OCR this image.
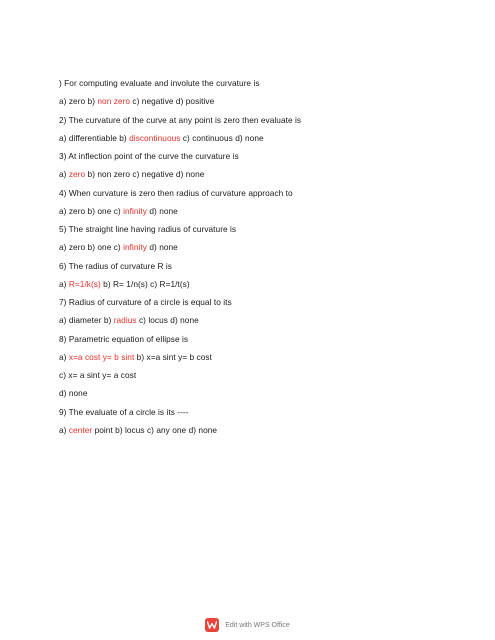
) For computing evaluate and involute the curvature is
a) zero b) non zero c) negative d) positive
2) The curvature of the curve at any point is zero then evaluate is
a) differentiable b) discontinuous c) continuous d) none
3) At inflection point of the curve the curvature is
a) zero b) non zero c) negative d) none
4) When curvature is zero then radius of curvature approach to
a) zero b) one c) infinity d) none
5) The straight line having radius of curvature is
a) zero b) one c) infinity d) none
6) The radius of curvature R is
a) R=1/k(s) b) R= 1/n(s) c) R=1/t(s)
7) Radius of curvature of a circle is equal to its
a) diameter b) radius c) locus d) none
8) Parametric equation of ellipse is
a) x=a cost y= b sint b) x=a sint y= b cost
c) x= a sint y= a cost
d) none
9) The evaluate of a circle is its ----
a) center point b) locus c) any one d) none
Edit with WPS Office
